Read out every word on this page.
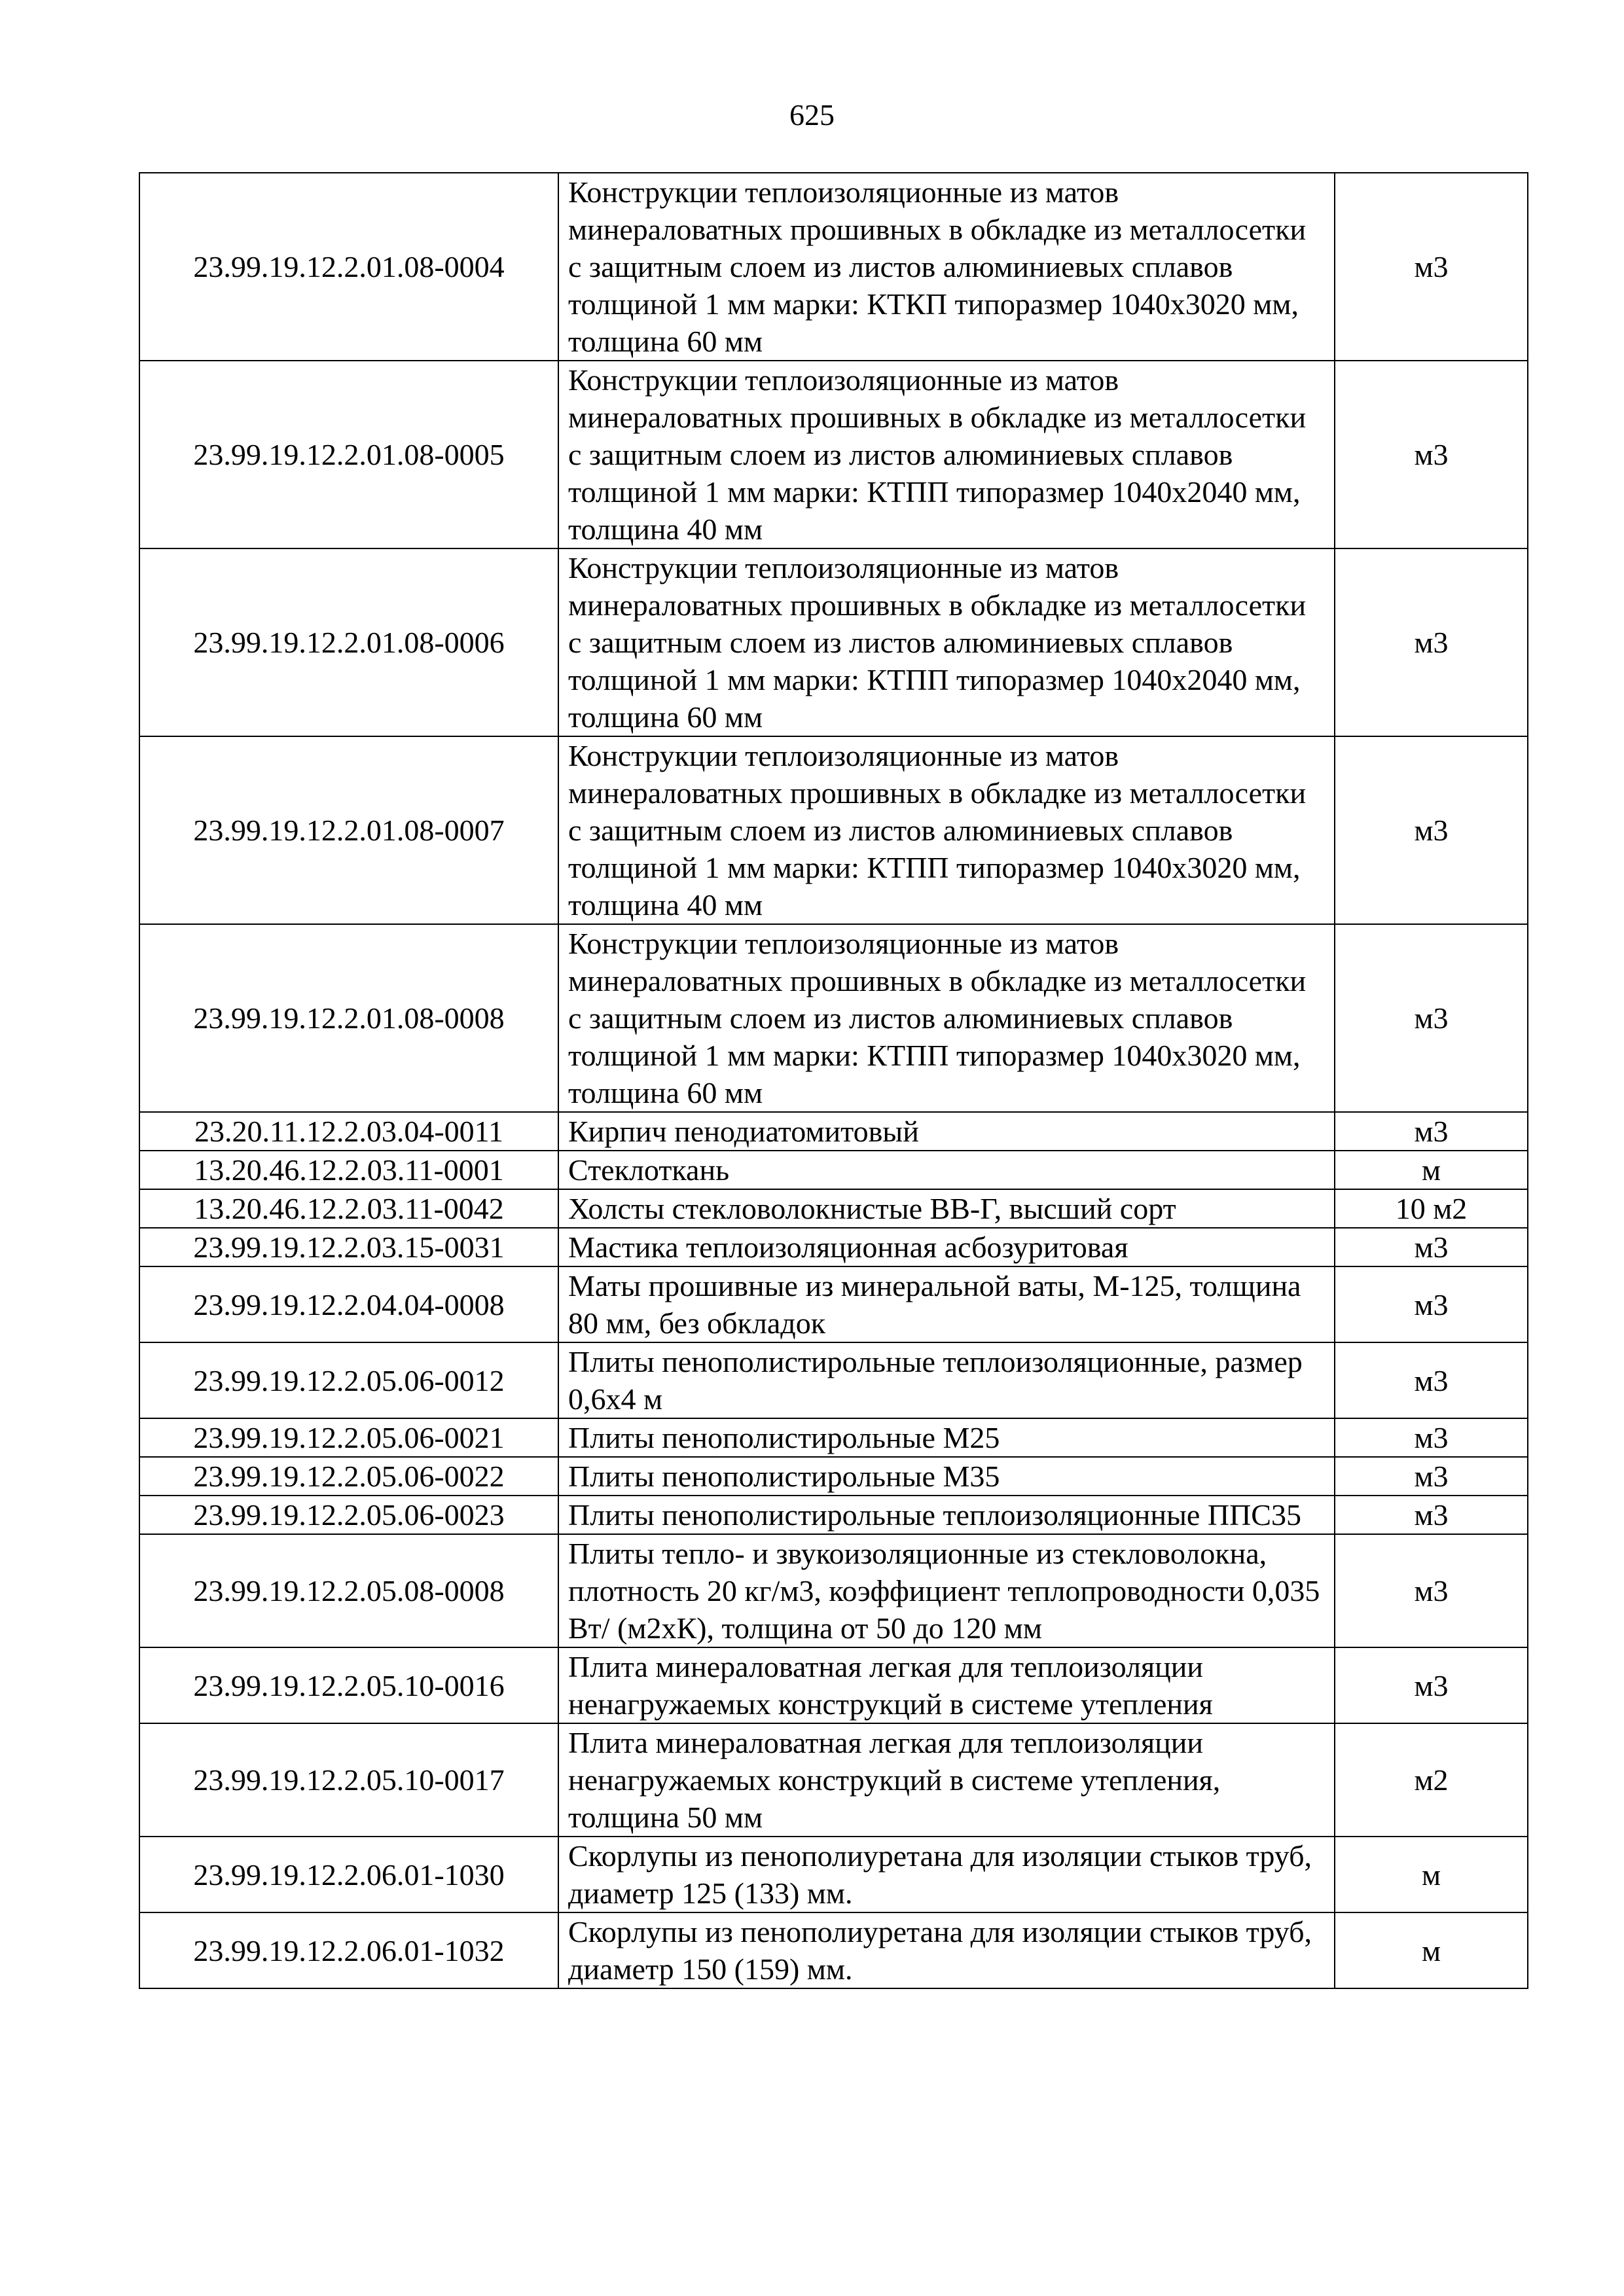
625
23.99.19.12.2.01.08-0004	Конструкции теплоизоляционные из матов минераловатных прошивных в обкладке из металлосетки с защитным слоем из листов алюминиевых сплавов толщиной 1 мм марки: КТКП типоразмер 1040х3020 мм, толщина 60 мм	м3
23.99.19.12.2.01.08-0005	Конструкции теплоизоляционные из матов минераловатных прошивных в обкладке из металлосетки с защитным слоем из листов алюминиевых сплавов толщиной 1 мм марки: КТПП типоразмер 1040х2040 мм, толщина 40 мм	м3
23.99.19.12.2.01.08-0006	Конструкции теплоизоляционные из матов минераловатных прошивных в обкладке из металлосетки с защитным слоем из листов алюминиевых сплавов толщиной 1 мм марки: КТПП типоразмер 1040х2040 мм, толщина 60 мм	м3
23.99.19.12.2.01.08-0007	Конструкции теплоизоляционные из матов минераловатных прошивных в обкладке из металлосетки с защитным слоем из листов алюминиевых сплавов толщиной 1 мм марки: КТПП типоразмер 1040х3020 мм, толщина 40 мм	м3
23.99.19.12.2.01.08-0008	Конструкции теплоизоляционные из матов минераловатных прошивных в обкладке из металлосетки с защитным слоем из листов алюминиевых сплавов толщиной 1 мм марки: КТПП типоразмер 1040х3020 мм, толщина 60 мм	м3
23.20.11.12.2.03.04-0011	Кирпич пенодиатомитовый	м3
13.20.46.12.2.03.11-0001	Стеклоткань	м
13.20.46.12.2.03.11-0042	Холсты стекловолокнистые ВВ-Г, высший сорт	10 м2
23.99.19.12.2.03.15-0031	Мастика теплоизоляционная асбозуритовая	м3
23.99.19.12.2.04.04-0008	Маты прошивные из минеральной ваты, М-125, толщина 80 мм, без обкладок	м3
23.99.19.12.2.05.06-0012	Плиты пенополистирольные теплоизоляционные, размер 0,6х4 м	м3
23.99.19.12.2.05.06-0021	Плиты пенополистирольные М25	м3
23.99.19.12.2.05.06-0022	Плиты пенополистирольные М35	м3
23.99.19.12.2.05.06-0023	Плиты пенополистирольные теплоизоляционные ППС35	м3
23.99.19.12.2.05.08-0008	Плиты тепло- и звукоизоляционные из стекловолокна, плотность 20 кг/м3, коэффициент теплопроводности 0,035 Вт/ (м2хК), толщина от 50 до 120 мм	м3
23.99.19.12.2.05.10-0016	Плита минераловатная легкая для теплоизоляции ненагружаемых конструкций в системе утепления	м3
23.99.19.12.2.05.10-0017	Плита минераловатная легкая для теплоизоляции ненагружаемых конструкций в системе утепления, толщина 50 мм	м2
23.99.19.12.2.06.01-1030	Скорлупы из пенополиуретана для изоляции стыков труб, диаметр 125 (133) мм.	м
23.99.19.12.2.06.01-1032	Скорлупы из пенополиуретана для изоляции стыков труб, диаметр 150 (159) мм.	м
